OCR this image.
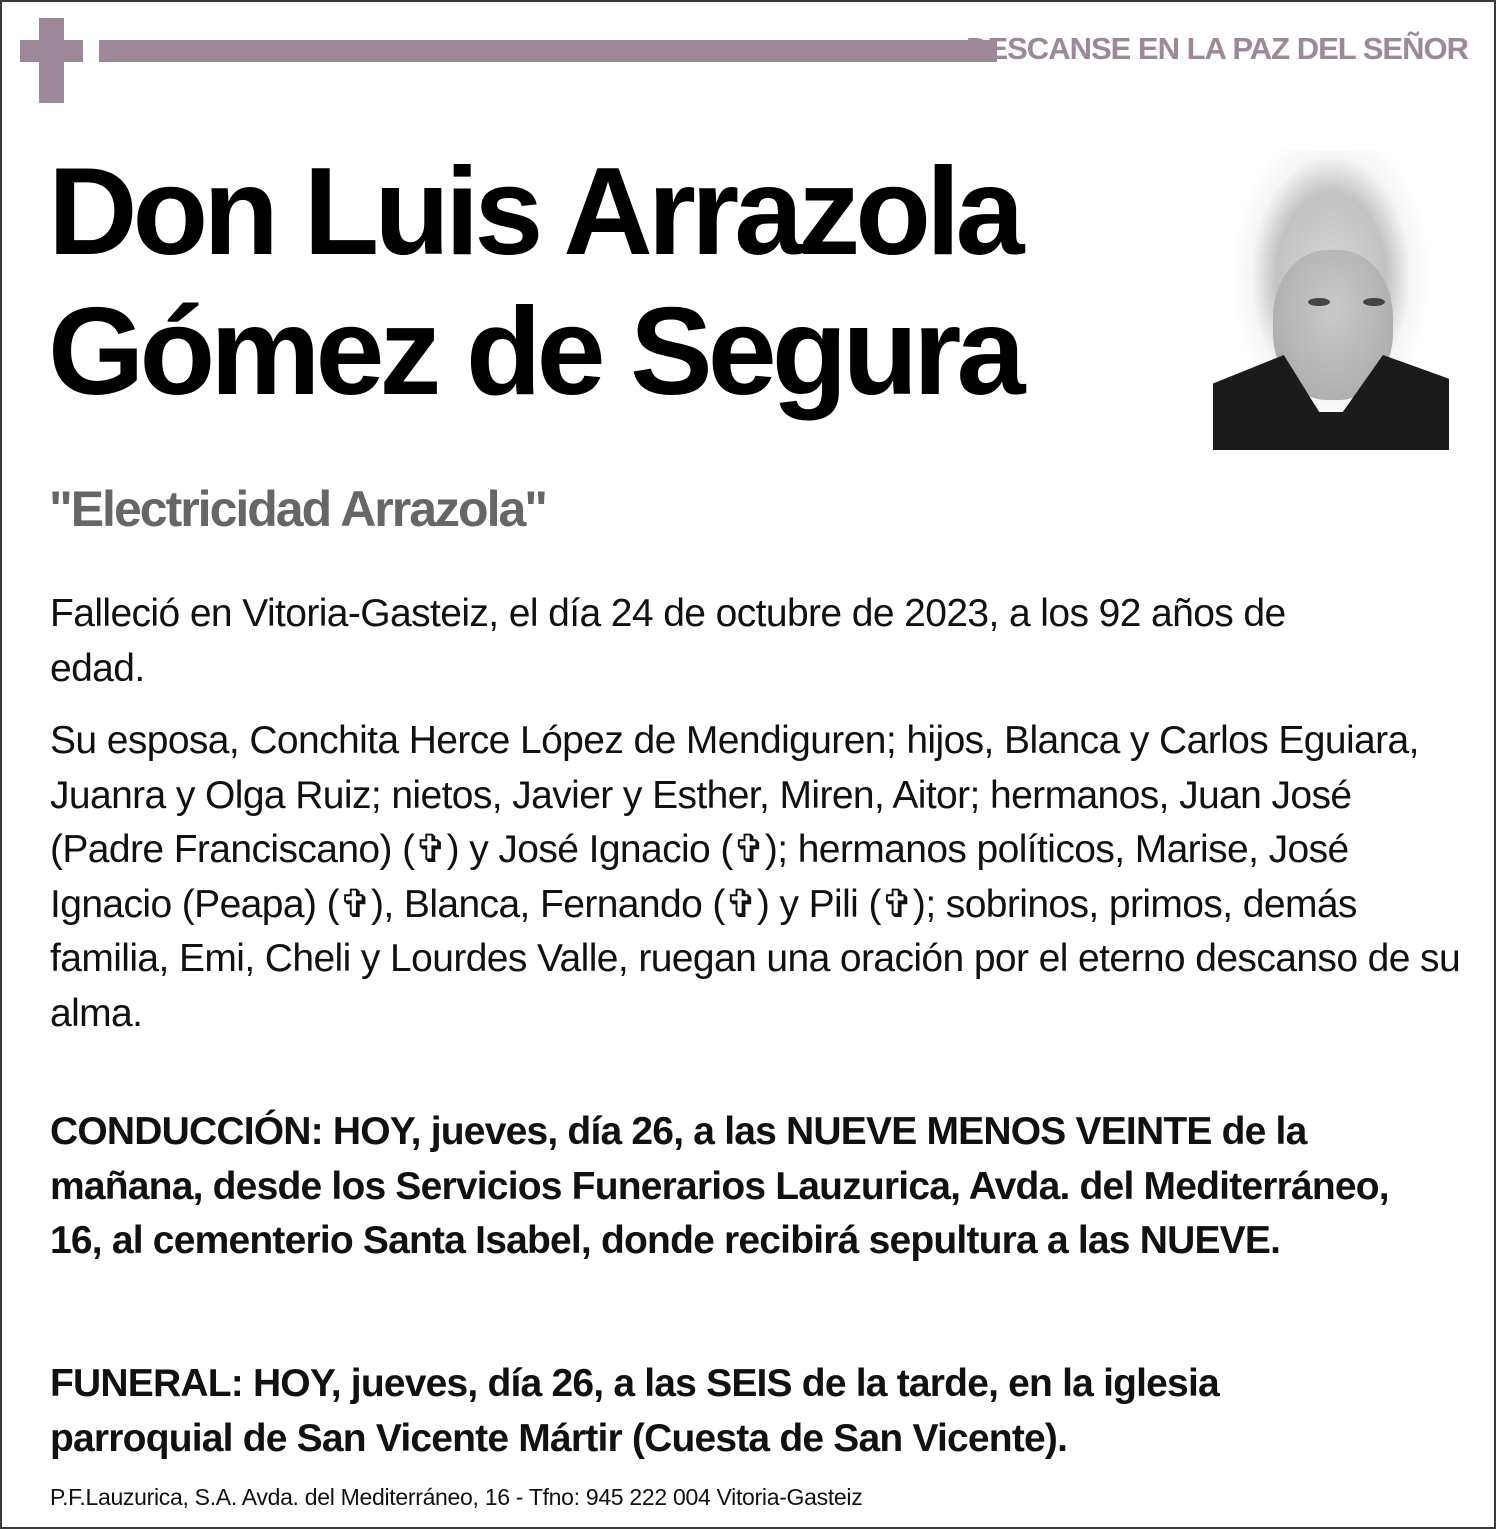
DESCANSE EN LA PAZ DEL SEÑOR
Don Luis Arrazola
Gómez de Segura
"Electricidad Arrazola"
Falleció en Vitoria-Gasteiz, el día 24 de octubre de 2023, a los 92 años de edad.
Su esposa, Conchita Herce López de Mendiguren; hijos, Blanca y Carlos Eguiara, Juanra y Olga Ruiz; nietos, Javier y Esther, Miren, Aitor; hermanos, Juan José (Padre Franciscano) (✞) y José Ignacio (✞); hermanos políticos, Marise, José Ignacio (Peapa) (✞), Blanca, Fernando (✞) y Pili (✞); sobrinos, primos, demás familia, Emi, Cheli y Lourdes Valle, ruegan una oración por el eterno descanso de su alma.
CONDUCCIÓN: HOY, jueves, día 26, a las NUEVE MENOS VEINTE de la mañana, desde los Servicios Funerarios Lauzurica, Avda. del Mediterráneo, 16, al cementerio Santa Isabel, donde recibirá sepultura a las NUEVE.
FUNERAL: HOY, jueves, día 26, a las SEIS de la tarde, en la iglesia parroquial de San Vicente Mártir (Cuesta de San Vicente).
P.F.Lauzurica, S.A. Avda. del Mediterráneo, 16 - Tfno: 945 222 004 Vitoria-Gasteiz
